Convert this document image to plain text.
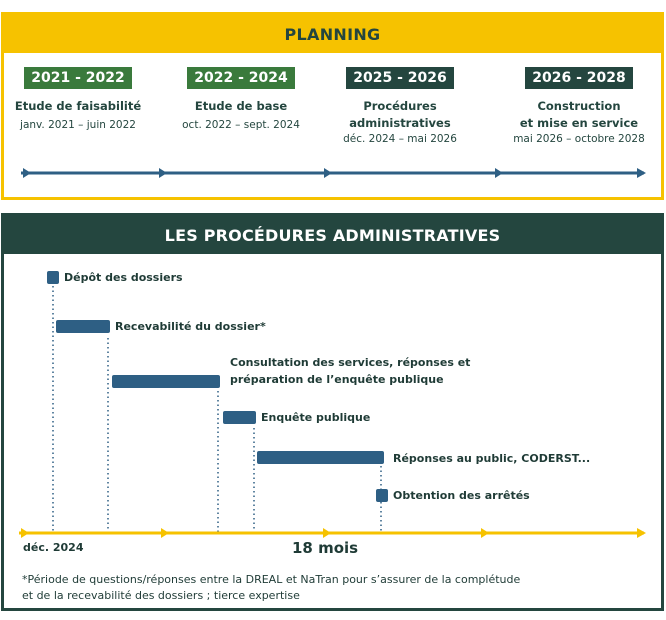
PLANNING
2021 - 2022
Etude de faisabilité
janv. 2021 – juin 2022
2022 - 2024
Etude de base
oct. 2022 – sept. 2024
2025 - 2026
Procédures
administratives
déc. 2024 – mai 2026
2026 - 2028
Construction
et mise en service
mai 2026 – octobre 2028
LES PROCÉDURES ADMINISTRATIVES
Dépôt des dossiers
Recevabilité du dossier*
Consultation des services, réponses et
préparation de l’enquête publique
Enquête publique
Réponses au public, CODERST...
Obtention des arrêtés
déc. 2024	18 mois
*Période de questions/réponses entre la DREAL et NaTran pour s’assurer de la complétude
et de la recevabilité des dossiers ; tierce expertise
